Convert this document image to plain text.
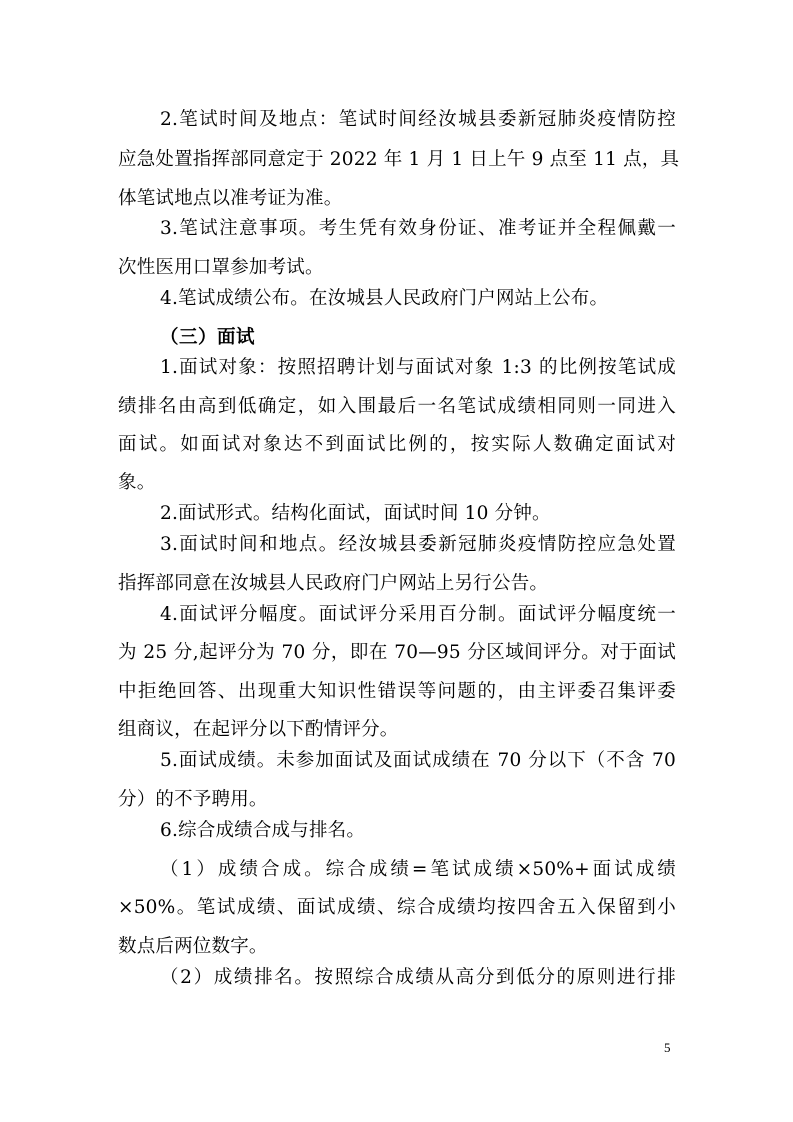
2.笔试时间及地点：笔试时间经汝城县委新冠肺炎疫情防控
应急处置指挥部同意定于 2022 年 1 月 1 日上午 9 点至 11 点，具
体笔试地点以准考证为准。
3.笔试注意事项。考生凭有效身份证、准考证并全程佩戴一
次性医用口罩参加考试。
4.笔试成绩公布。在汝城县人民政府门户网站上公布。
（三）面试
1.面试对象：按照招聘计划与面试对象 1:3 的比例按笔试成
绩排名由高到低确定，如入围最后一名笔试成绩相同则一同进入
面试。如面试对象达不到面试比例的，按实际人数确定面试对
象。
2.面试形式。结构化面试，面试时间 10 分钟。
3.面试时间和地点。经汝城县委新冠肺炎疫情防控应急处置
指挥部同意在汝城县人民政府门户网站上另行公告。
4.面试评分幅度。面试评分采用百分制。面试评分幅度统一
为 25 分,起评分为 70 分，即在 70—95 分区域间评分。对于面试
中拒绝回答、出现重大知识性错误等问题的，由主评委召集评委
组商议，在起评分以下酌情评分。
5.面试成绩。未参加面试及面试成绩在 70 分以下（不含 70
分）的不予聘用。
6.综合成绩合成与排名。
（1）成绩合成。综合成绩=笔试成绩×50%+面试成绩
×50%。笔试成绩、面试成绩、综合成绩均按四舍五入保留到小
数点后两位数字。
（2）成绩排名。按照综合成绩从高分到低分的原则进行排
5
